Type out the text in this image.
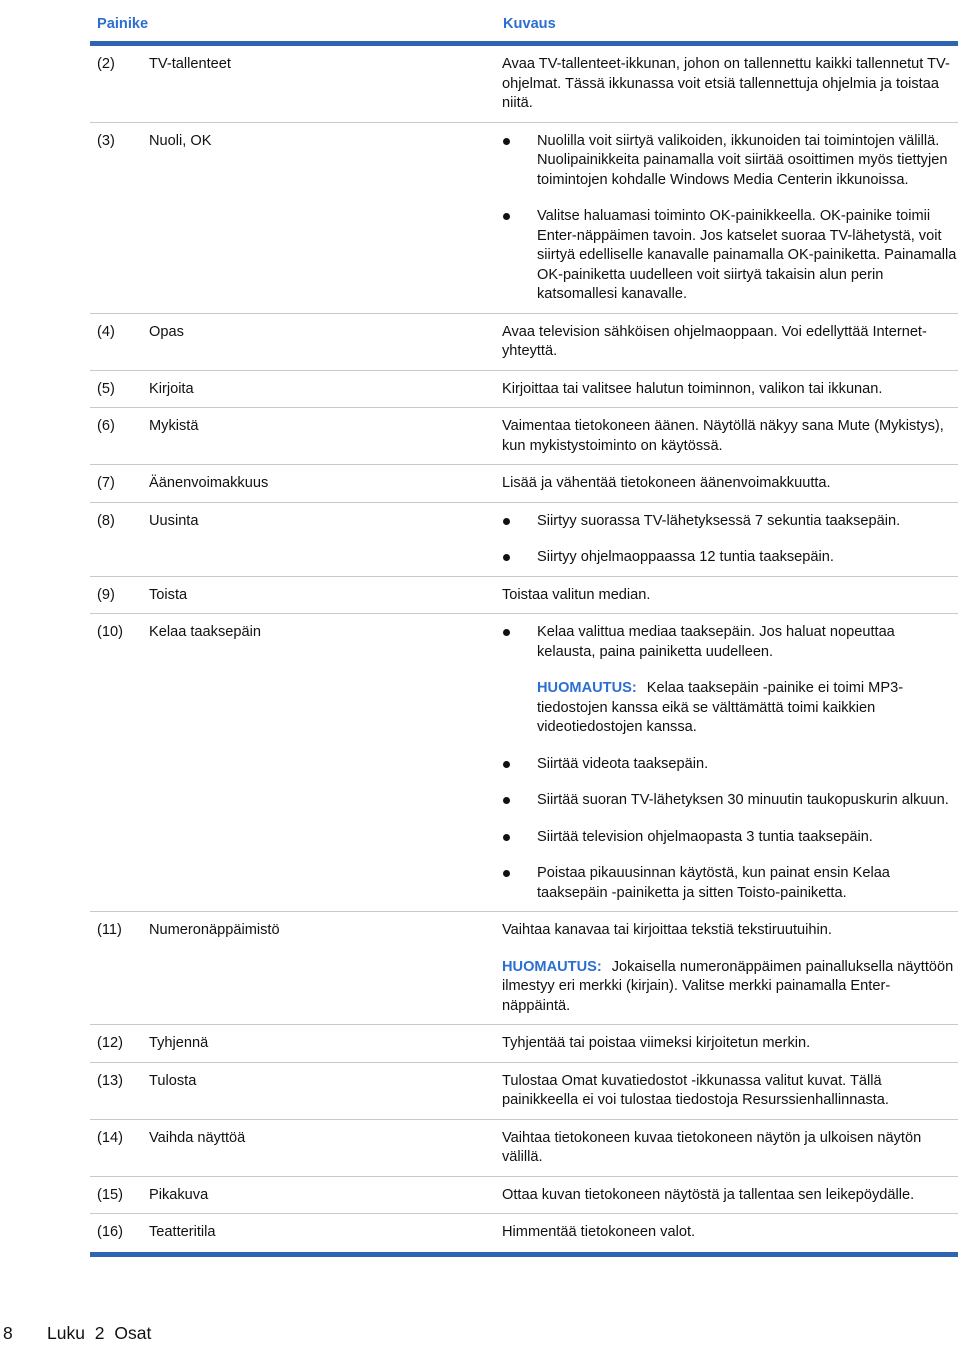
Painike	Kuvaus
(2)	TV-tallenteet	Avaa TV-tallenteet-ikkunan, johon on tallennettu kaikki tallennetut TV-ohjelmat. Tässä ikkunassa voit etsiä tallennettuja ohjelmia ja toistaa niitä.

(3)	Nuoli, OK	Nuolilla voit siirtyä valikoiden, ikkunoiden tai toimintojen välillä. Nuolipainikkeita painamalla voit siirtää osoittimen myös tiettyjen toimintojen kohdalle Windows Media Centerin ikkunoissa.
Valitse haluamasi toiminto OK-painikkeella. OK-painike toimii Enter-näppäimen tavoin. Jos katselet suoraa TV-lähetystä, voit siirtyä edelliselle kanavalle painamalla OK-painiketta. Painamalla OK-painiketta uudelleen voit siirtyä takaisin alun perin katsomallesi kanavalle.
(4)	Opas	Avaa television sähköisen ohjelmaoppaan. Voi edellyttää Internet-yhteyttä.

(5)	Kirjoita	Kirjoittaa tai valitsee halutun toiminnon, valikon tai ikkunan.

(6)	Mykistä	Vaimentaa tietokoneen äänen. Näytöllä näkyy sana Mute (Mykistys), kun mykistystoiminto on käytössä.

(7)	Äänenvoimakkuus	Lisää ja vähentää tietokoneen äänenvoimakkuutta.

(8)	Uusinta	Siirtyy suorassa TV-lähetyksessä 7 sekuntia taaksepäin.
Siirtyy ohjelmaoppaassa 12 tuntia taaksepäin.
(9)	Toista	Toistaa valitun median.

(10)	Kelaa taaksepäin	Kelaa valittua mediaa taaksepäin. Jos haluat nopeuttaa kelausta, paina painiketta uudelleen.

HUOMAUTUS: Kelaa taaksepäin -painike ei toimi MP3-tiedostojen kanssa eikä se välttämättä toimi kaikkien videotiedostojen kanssa.

Siirtää videota taaksepäin.
Siirtää suoran TV-lähetyksen 30 minuutin taukopuskurin alkuun.
Siirtää television ohjelmaopasta 3 tuntia taaksepäin.
Poistaa pikauusinnan käytöstä, kun painat ensin Kelaa taaksepäin -painiketta ja sitten Toisto-painiketta.
(11)	Numeronäppäimistö	Vaihtaa kanavaa tai kirjoittaa tekstiä tekstiruutuihin.

HUOMAUTUS: Jokaisella numeronäppäimen painalluksella näyttöön ilmestyy eri merkki (kirjain). Valitse merkki painamalla Enter-näppäintä.

(12)	Tyhjennä	Tyhjentää tai poistaa viimeksi kirjoitetun merkin.

(13)	Tulosta	Tulostaa Omat kuvatiedostot -ikkunassa valitut kuvat. Tällä painikkeella ei voi tulostaa tiedostoja Resurssienhallinnasta.

(14)	Vaihda näyttöä	Vaihtaa tietokoneen kuvaa tietokoneen näytön ja ulkoisen näytön välillä.

(15)	Pikakuva	Ottaa kuvan tietokoneen näytöstä ja tallentaa sen leikepöydälle.

(16)	Teatteritila	Himmentää tietokoneen valot.

8 Luku 2 Osat
